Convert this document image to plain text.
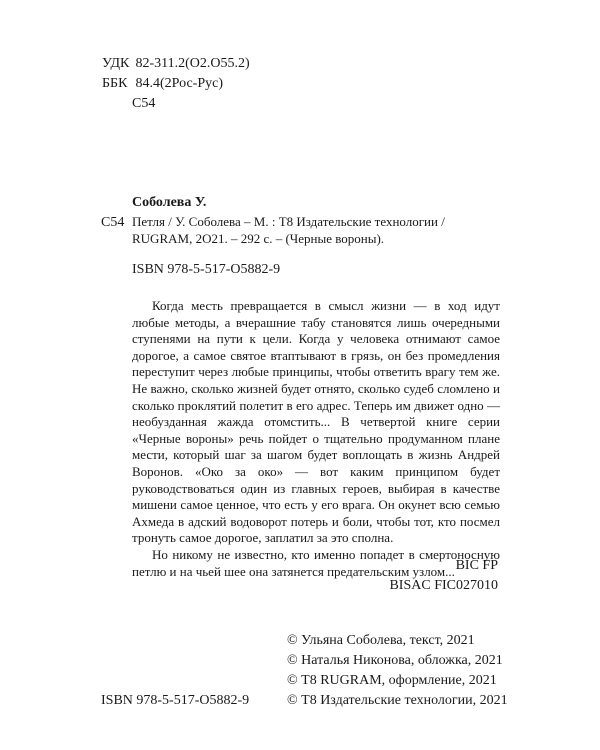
УДК 82-311.2(О2.О55.2)
ББК 84.4(2Рос-Рус)
С54
Соболева У.
С54 Петля / У. Соболева – М. : Т8 Издательские технологии /
RUGRAM, 2О21. – 292 с. – (Черные вороны).
ISBN 978-5-517-О5882-9

Когда месть превращается в смысл жизни — в ход идут любые методы, а вчерашние табу становятся лишь очередными ступенями на пути к цели. Когда у человека отнимают самое дорогое, а самое святое втаптывают в грязь, он без промедления переступит через любые принципы, чтобы ответить врагу тем же. Не важно, сколько жизней будет отнято, сколько судеб сломлено и сколько проклятий полетит в его адрес. Теперь им движет одно — необузданная жажда отомстить... В четвертой книге серии «Черные вороны» речь пойдет о тщательно продуманном плане мести, который шаг за шагом будет воплощать в жизнь Андрей Воронов. «Око за око» — вот каким принципом будет руководствоваться один из главных героев, выбирая в качестве мишени самое ценное, что есть у его врага. Он окунет всю семью Ахмеда в адский водоворот потерь и боли, чтобы тот, кто посмел тронуть самое дорогое, заплатил за это сполна.

Но никому не известно, кто именно попадет в смертоносную петлю и на чьей шее она затянется предательским узлом... BIC FP
BISAC FIC027010
© Ульяна Соболева, текст, 2021
© Наталья Никонова, обложка, 2021
© Т8 RUGRAM, оформление, 2021
© Т8 Издательские технологии, 2021
ISBN 978-5-517-О5882-9
